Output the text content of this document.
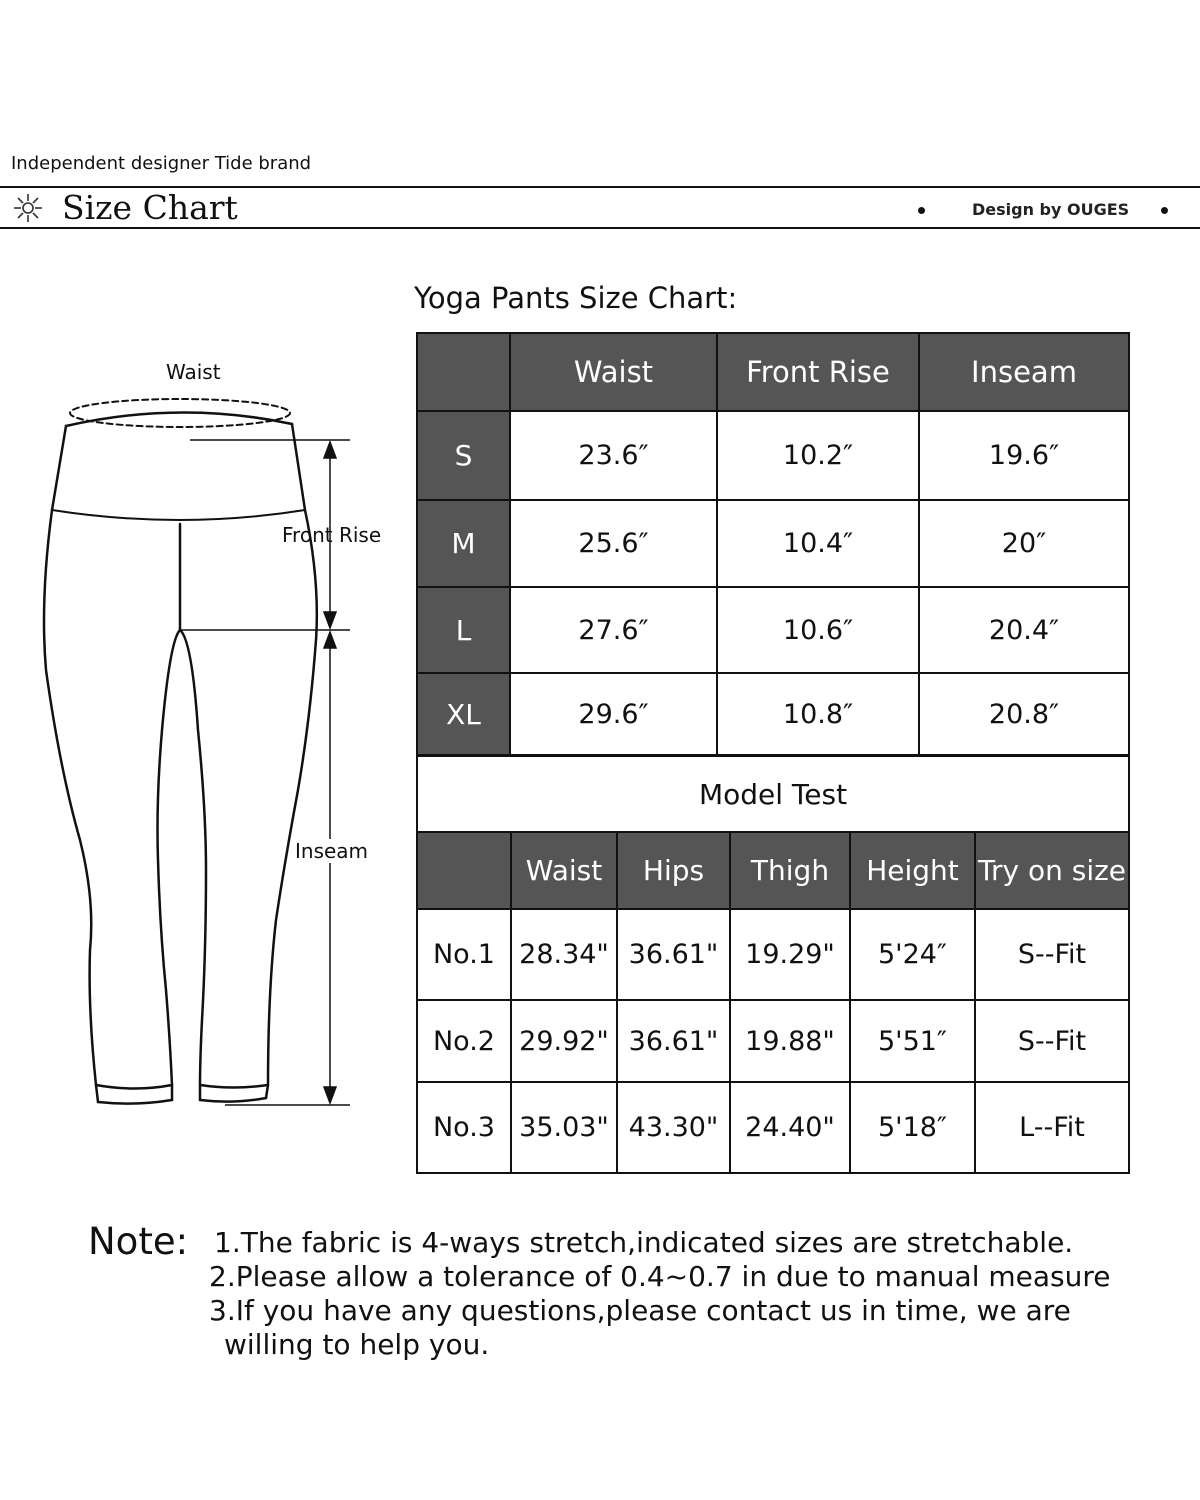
Independent designer Tide brand
Size Chart	Design by OUGES
Waist
Front Rise
Inseam
Yoga Pants Size Chart:
	Waist	Front Rise	Inseam
S	23.6″	10.2″	19.6″
M	25.6″	10.4″	20″
L	27.6″	10.6″	20.4″
XL	29.6″	10.8″	20.8″
Model Test					
	Waist	Hips	Thigh	Height	Try on size
No.1	28.34"	36.61"	19.29"	5'24″	S--Fit
No.2	29.92"	36.61"	19.88"	5'51″	S--Fit
No.3	35.03"	43.30"	24.40"	5'18″	L--Fit
Note: 1.The fabric is 4-ways stretch,indicated sizes are stretchable.
2.Please allow a tolerance of 0.4~0.7 in due to manual measure
3.If you have any questions,please contact us in time, we are
willing to help you.
